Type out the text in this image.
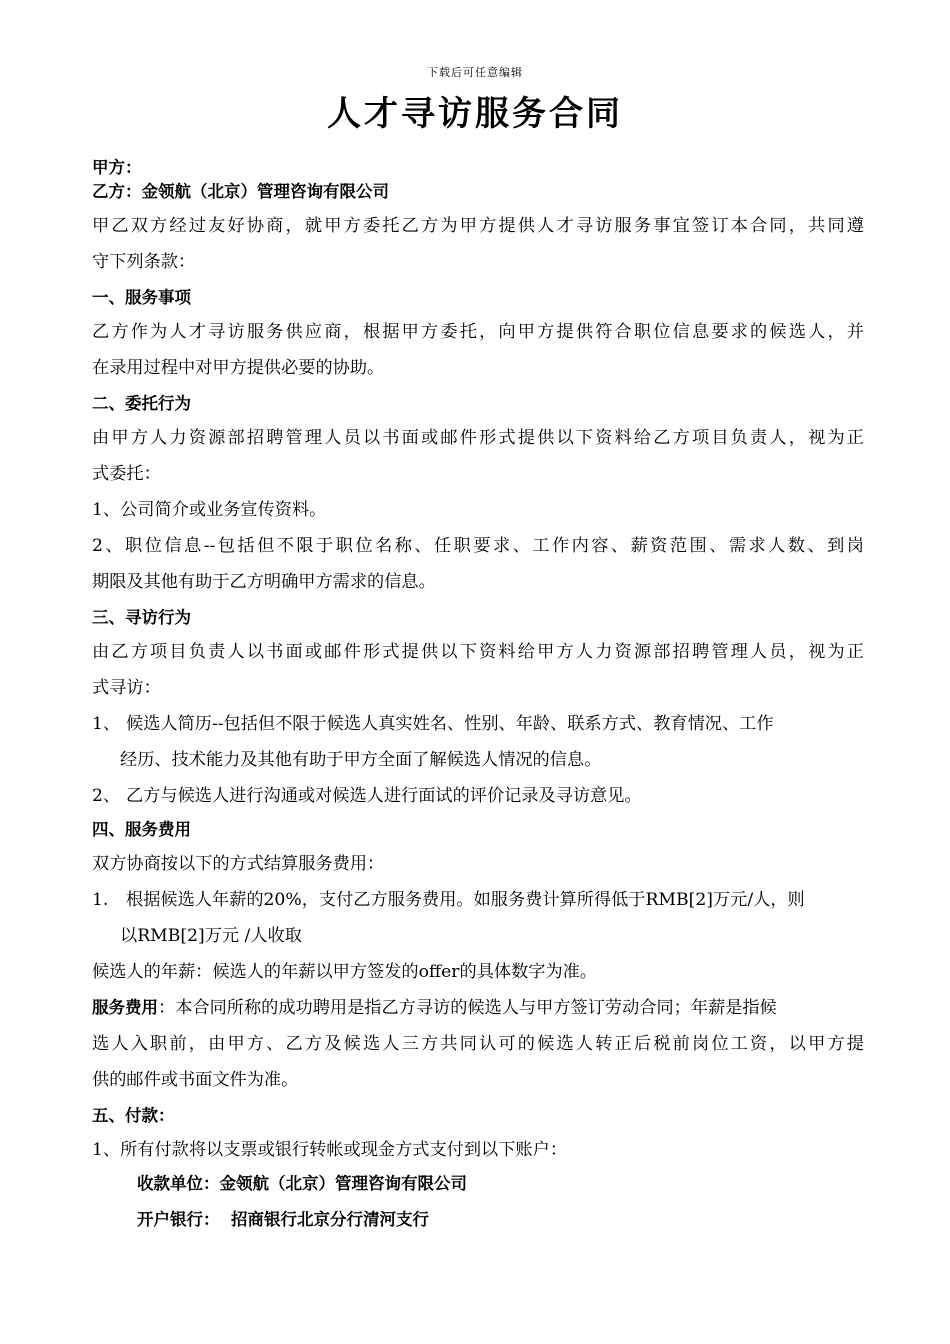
下载后可任意编辑
人才寻访服务合同
甲方：
乙方：金领航（北京）管理咨询有限公司
甲乙双方经过友好协商，就甲方委托乙方为甲方提供人才寻访服务事宜签订本合同，共同遵
守下列条款：
一、服务事项
乙方作为人才寻访服务供应商，根据甲方委托，向甲方提供符合职位信息要求的候选人，并
在录用过程中对甲方提供必要的协助。
二、委托行为
由甲方人力资源部招聘管理人员以书面或邮件形式提供以下资料给乙方项目负责人，视为正
式委托：
1、公司简介或业务宣传资料。
2、职位信息--包括但不限于职位名称、任职要求、工作内容、薪资范围、需求人数、到岗
期限及其他有助于乙方明确甲方需求的信息。
三、寻访行为
由乙方项目负责人以书面或邮件形式提供以下资料给甲方人力资源部招聘管理人员，视为正
式寻访：
1、 候选人简历--包括但不限于候选人真实姓名、性别、年龄、联系方式、教育情况、工作
经历、技术能力及其他有助于甲方全面了解候选人情况的信息。
2、 乙方与候选人进行沟通或对候选人进行面试的评价记录及寻访意见。
四、服务费用
双方协商按以下的方式结算服务费用：
1. 根据候选人年薪的20%，支付乙方服务费用。如服务费计算所得低于RMB[2]万元/人，则
以RMB[2]万元 /人收取
候选人的年薪：候选人的年薪以甲方签发的offer的具体数字为准。
服务费用：本合同所称的成功聘用是指乙方寻访的候选人与甲方签订劳动合同；年薪是指候
选人入职前，由甲方、乙方及候选人三方共同认可的候选人转正后税前岗位工资，以甲方提
供的邮件或书面文件为准。
五、付款：
1、所有付款将以支票或银行转帐或现金方式支付到以下账户：
收款单位：金领航（北京）管理咨询有限公司
开户银行：  招商银行北京分行清河支行
